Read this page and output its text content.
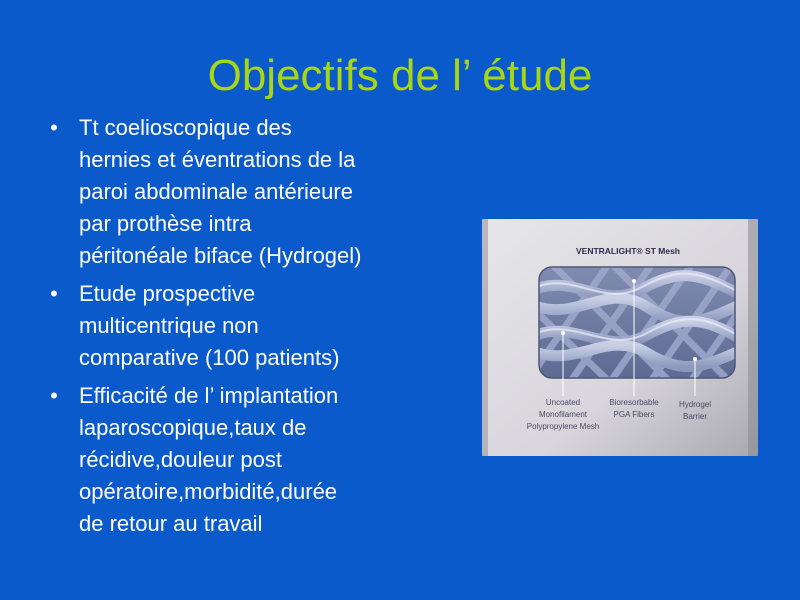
Objectifs de l’ étude
• Tt coelioscopique des
hernies et éventrations de la
paroi abdominale antérieure
par prothèse intra
péritonéale biface (Hydrogel)
• Etude prospective
multicentrique non
comparative (100 patients)
• Efficacité de l’ implantation
laparoscopique,taux de
récidive,douleur post
opératoire,morbidité,durée
de retour au travail
VENTRALIGHT® ST Mesh
Uncoated
Monofilament
Polypropylene Mesh
Bioresorbable
PGA Fibers
Hydrogel
Barrier
